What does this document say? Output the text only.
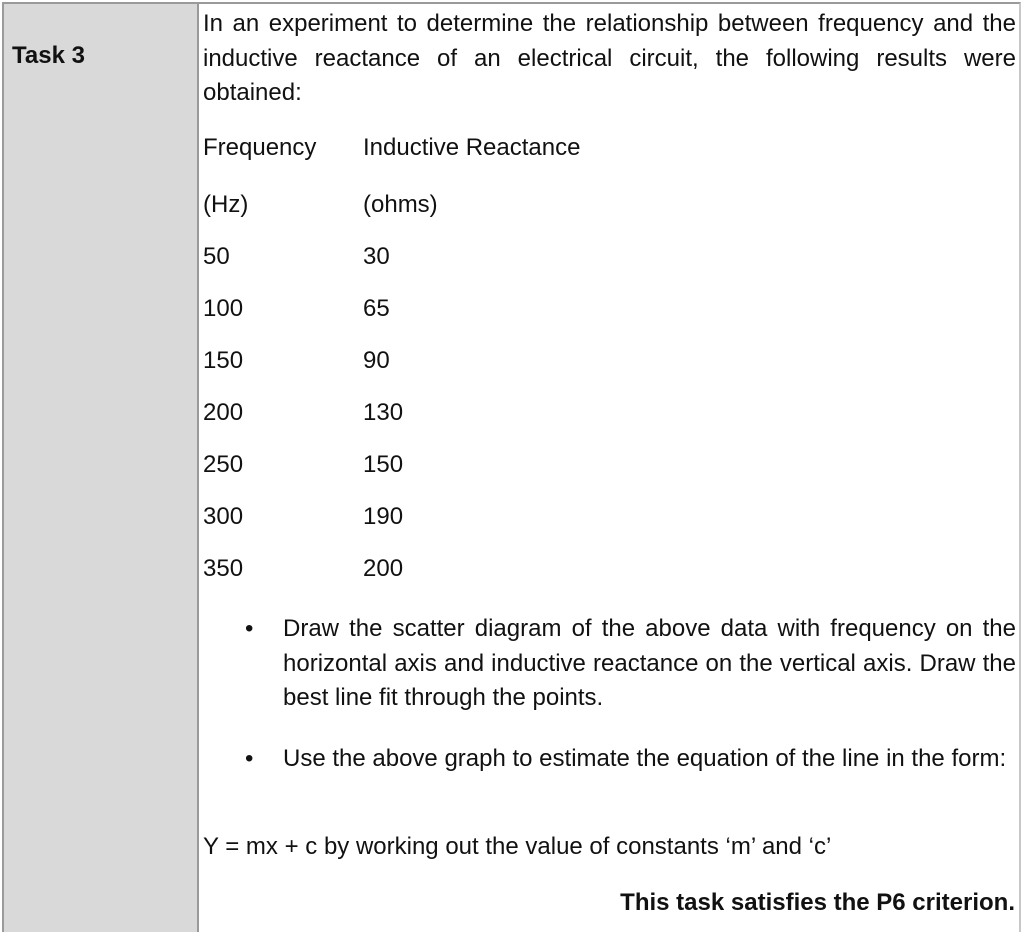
Task 3

In an experiment to determine the relationship between frequency and the inductive reactance of an electrical circuit, the following results were obtained:

Frequency	Inductive Reactance
(Hz)	(ohms)
50	30
100	65
150	90
200	130
250	150
300	190
350	200
• Draw the scatter diagram of the above data with frequency on the horizontal axis and inductive reactance on the vertical axis. Draw the best line fit through the points.
• Use the above graph to estimate the equation of the line in the form:

Y = mx + c by working out the value of constants ‘m’ and ‘c’

This task satisfies the P6 criterion.
